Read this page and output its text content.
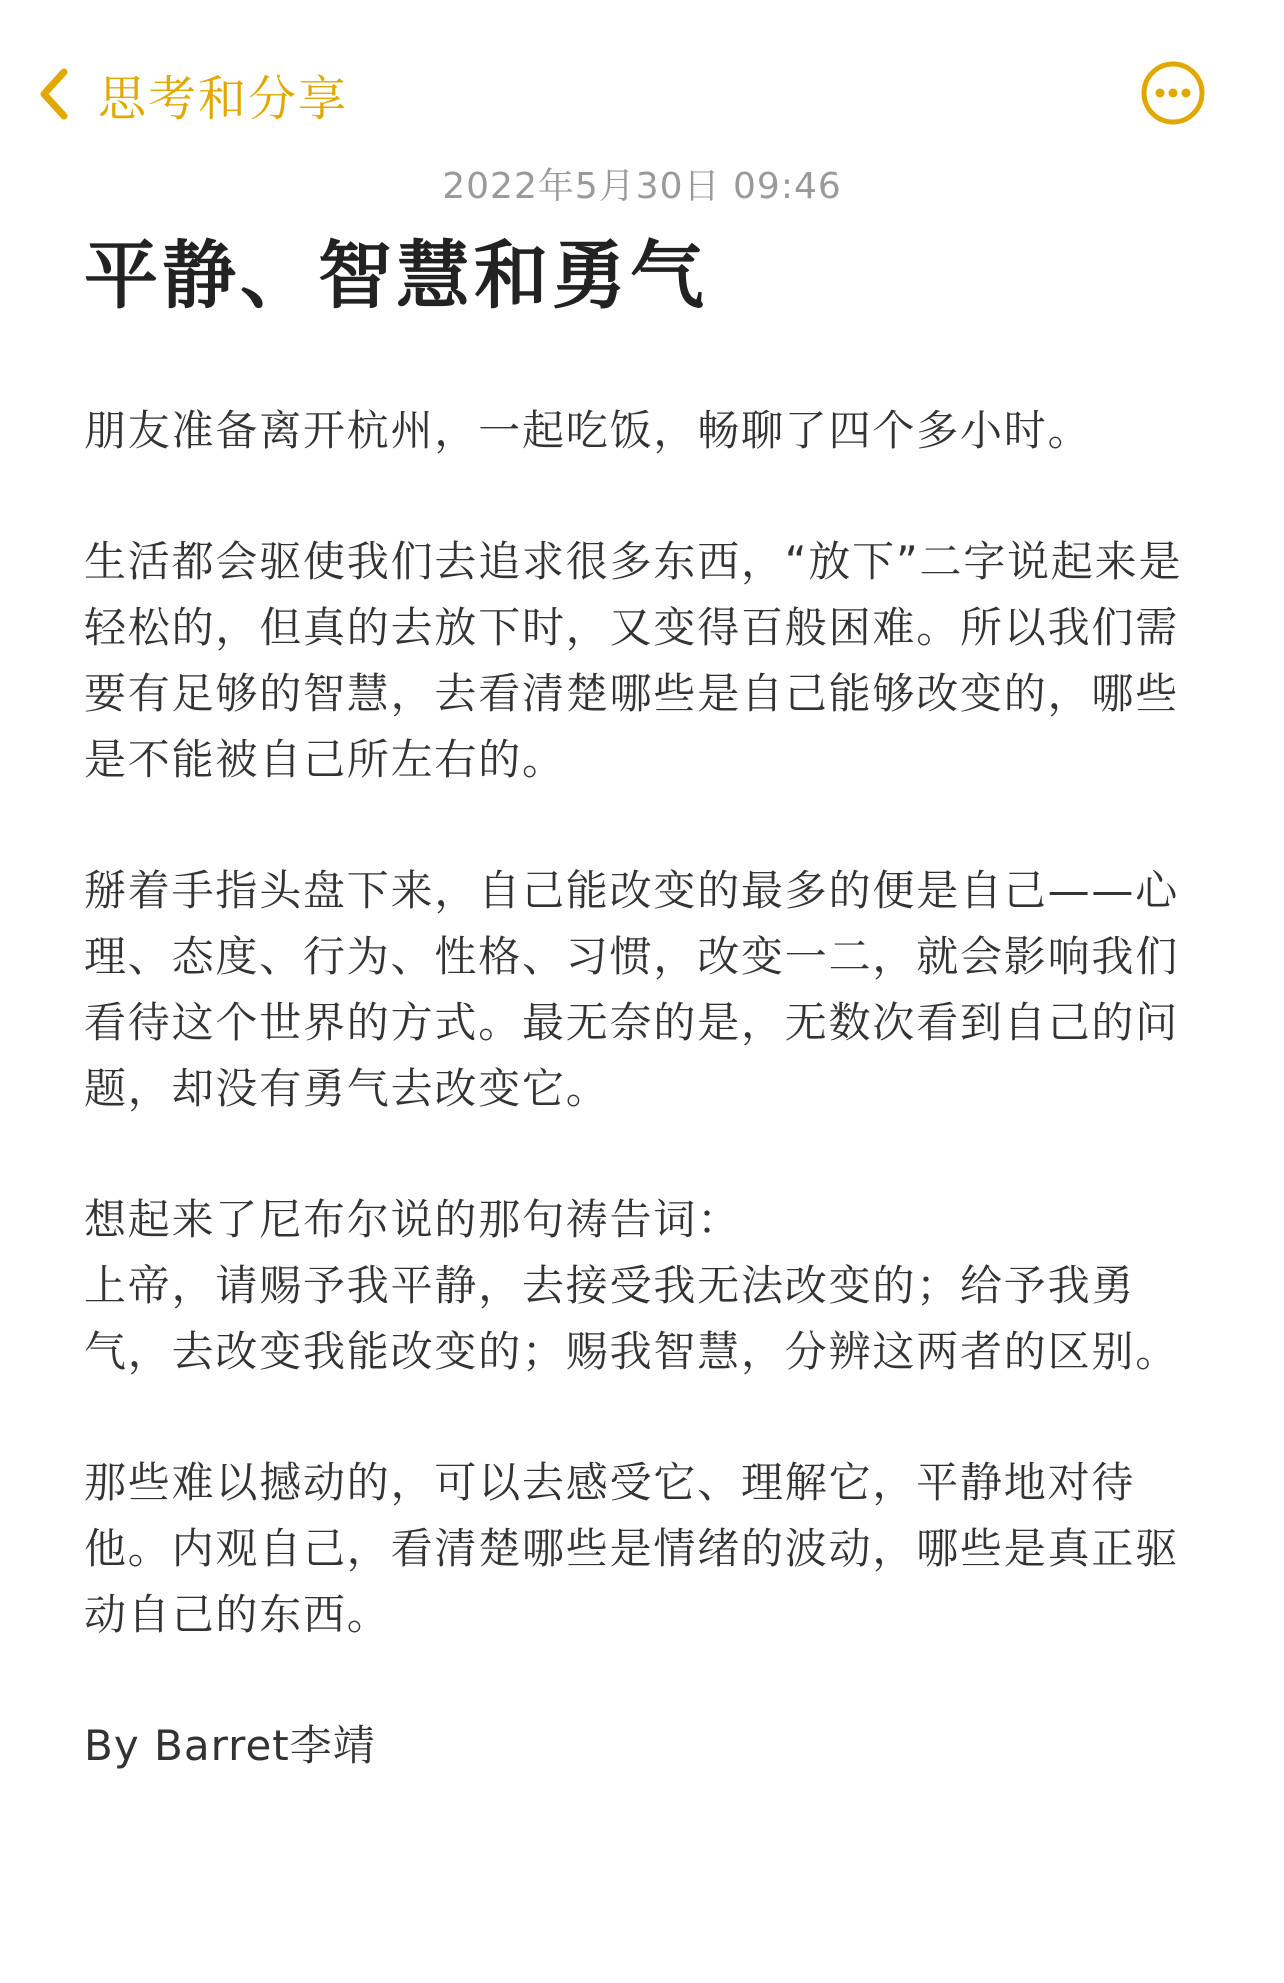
思考和分享
2022年5月30日 09:46
平静、智慧和勇气

朋友准备离开杭州，一起吃饭，畅聊了四个多小时。

生活都会驱使我们去追求很多东西，“放下”二字说起来是轻松的，但真的去放下时，又变得百般困难。所以我们需要有足够的智慧，去看清楚哪些是自己能够改变的，哪些是不能被自己所左右的。

掰着手指头盘下来，自己能改变的最多的便是自己——心理、态度、行为、性格、习惯，改变一二，就会影响我们看待这个世界的方式。最无奈的是，无数次看到自己的问题，却没有勇气去改变它。

想起来了尼布尔说的那句祷告词：
上帝，请赐予我平静，去接受我无法改变的；给予我勇气，去改变我能改变的；赐我智慧，分辨这两者的区别。

那些难以撼动的，可以去感受它、理解它，平静地对待他。内观自己，看清楚哪些是情绪的波动，哪些是真正驱动自己的东西。

By Barret李靖
